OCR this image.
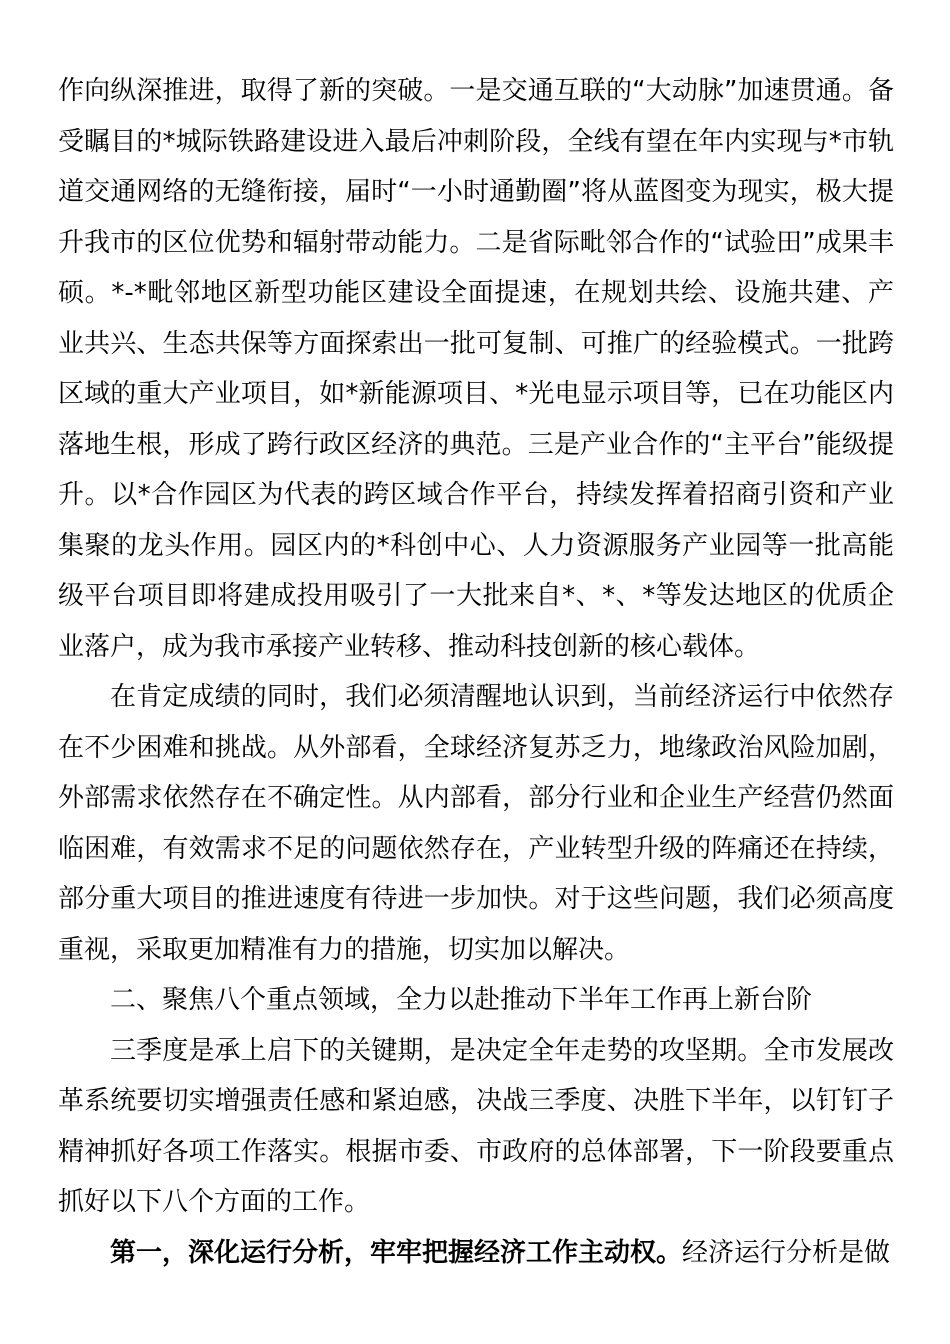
作向纵深推进，取得了新的突破。一是交通互联的“大动脉”加速贯通。备受瞩目的*城际铁路建设进入最后冲刺阶段，全线有望在年内实现与*市轨道交通网络的无缝衔接，届时“一小时通勤圈”将从蓝图变为现实，极大提升我市的区位优势和辐射带动能力。二是省际毗邻合作的“试验田”成果丰硕。*-*毗邻地区新型功能区建设全面提速，在规划共绘、设施共建、产业共兴、生态共保等方面探索出一批可复制、可推广的经验模式。一批跨区域的重大产业项目，如*新能源项目、*光电显示项目等，已在功能区内落地生根，形成了跨行政区经济的典范。三是产业合作的“主平台”能级提升。以*合作园区为代表的跨区域合作平台，持续发挥着招商引资和产业集聚的龙头作用。园区内的*科创中心、人力资源服务产业园等一批高能级平台项目即将建成投用吸引了一大批来自*、*、*等发达地区的优质企业落户，成为我市承接产业转移、推动科技创新的核心载体。

在肯定成绩的同时，我们必须清醒地认识到，当前经济运行中依然存在不少困难和挑战。从外部看，全球经济复苏乏力，地缘政治风险加剧，外部需求依然存在不确定性。从内部看，部分行业和企业生产经营仍然面临困难，有效需求不足的问题依然存在，产业转型升级的阵痛还在持续，部分重大项目的推进速度有待进一步加快。对于这些问题，我们必须高度重视，采取更加精准有力的措施，切实加以解决。

二、聚焦八个重点领域，全力以赴推动下半年工作再上新台阶

三季度是承上启下的关键期，是决定全年走势的攻坚期。全市发展改革系统要切实增强责任感和紧迫感，决战三季度、决胜下半年，以钉钉子精神抓好各项工作落实。根据市委、市政府的总体部署，下一阶段要重点抓好以下八个方面的工作。

第一，深化运行分析，牢牢把握经济工作主动权。经济运行分析是做
